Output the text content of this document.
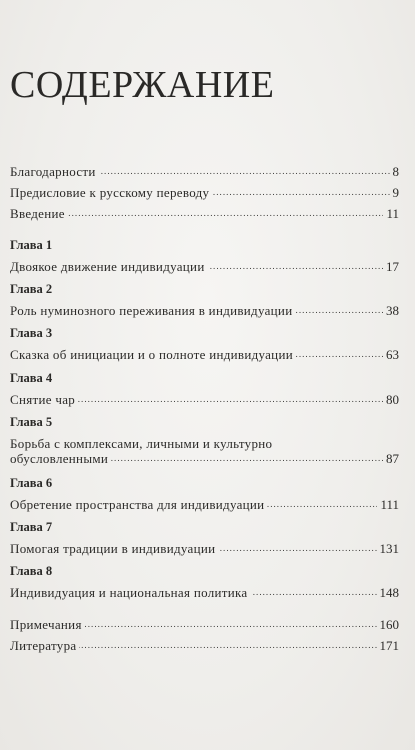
СОДЕРЖАНИЕ
Благодарности . . .	8
Предисловие к русскому переводу . . .	9
Введение . . .	11
Глава 1
Двоякое движение индивидуации . . .	17
Глава 2
Роль нуминозного переживания в индивидуации . . .	38
Глава 3
Сказка об инициации и о полноте индивидуации . . .	63
Глава 4
Снятие чар . . .	80
Глава 5
Борьба с комплексами, личными и культурно
обусловленными . . .	87
Глава 6
Обретение пространства для индивидуации . . .	111
Глава 7
Помогая традиции в индивидуации . . .	131
Глава 8
Индивидуация и национальная политика . . .	148
Примечания . . .	160
Литература . . .	171
